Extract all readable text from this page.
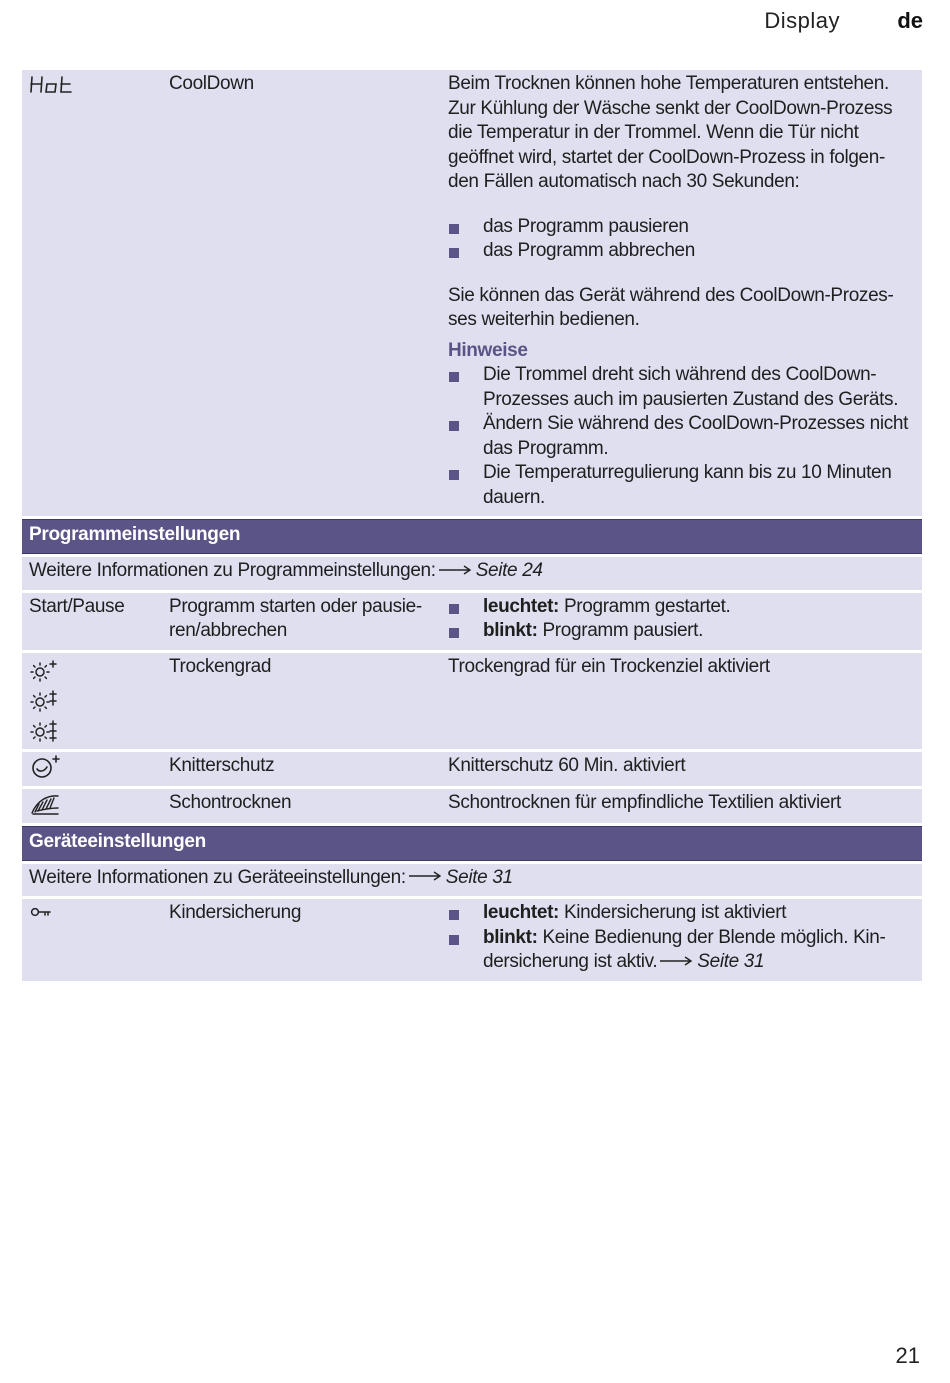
Display	de
CoolDown	Beim Trocknen können hohe Temperaturen entstehen.
Zur Kühlung der Wäsche senkt der CoolDown-Prozess
die Temperatur in der Trommel. Wenn die Tür nicht
geöffnet wird, startet der CoolDown-Prozess in folgen-
den Fällen automatisch nach 30 Sekunden:
das Programm pausieren
das Programm abbrechen
Sie können das Gerät während des CoolDown-Prozes-
ses weiterhin bedienen.
Hinweise
Die Trommel dreht sich während des CoolDown-
Prozesses auch im pausierten Zustand des Geräts.
Ändern Sie während des CoolDown-Prozesses nicht
das Programm.
Die Temperaturregulierung kann bis zu 10 Minuten
dauern.
Programmeinstellungen
Weitere Informationen zu Programmeinstellungen: Seite 24
Start/Pause	Programm starten oder pausie-
ren/abbrechen
leuchtet: Programm gestartet.
blinkt: Programm pausiert.
Trockengrad	Trockengrad für ein Trockenziel aktiviert
Knitterschutz	Knitterschutz 60 Min. aktiviert
Schontrocknen	Schontrocknen für empfindliche Textilien aktiviert
Geräteeinstellungen
Weitere Informationen zu Geräteeinstellungen: Seite 31
Kindersicherung	leuchtet: Kindersicherung ist aktiviert
blinkt: Keine Bedienung der Blende möglich. Kin-
dersicherung ist aktiv. Seite 31
21
